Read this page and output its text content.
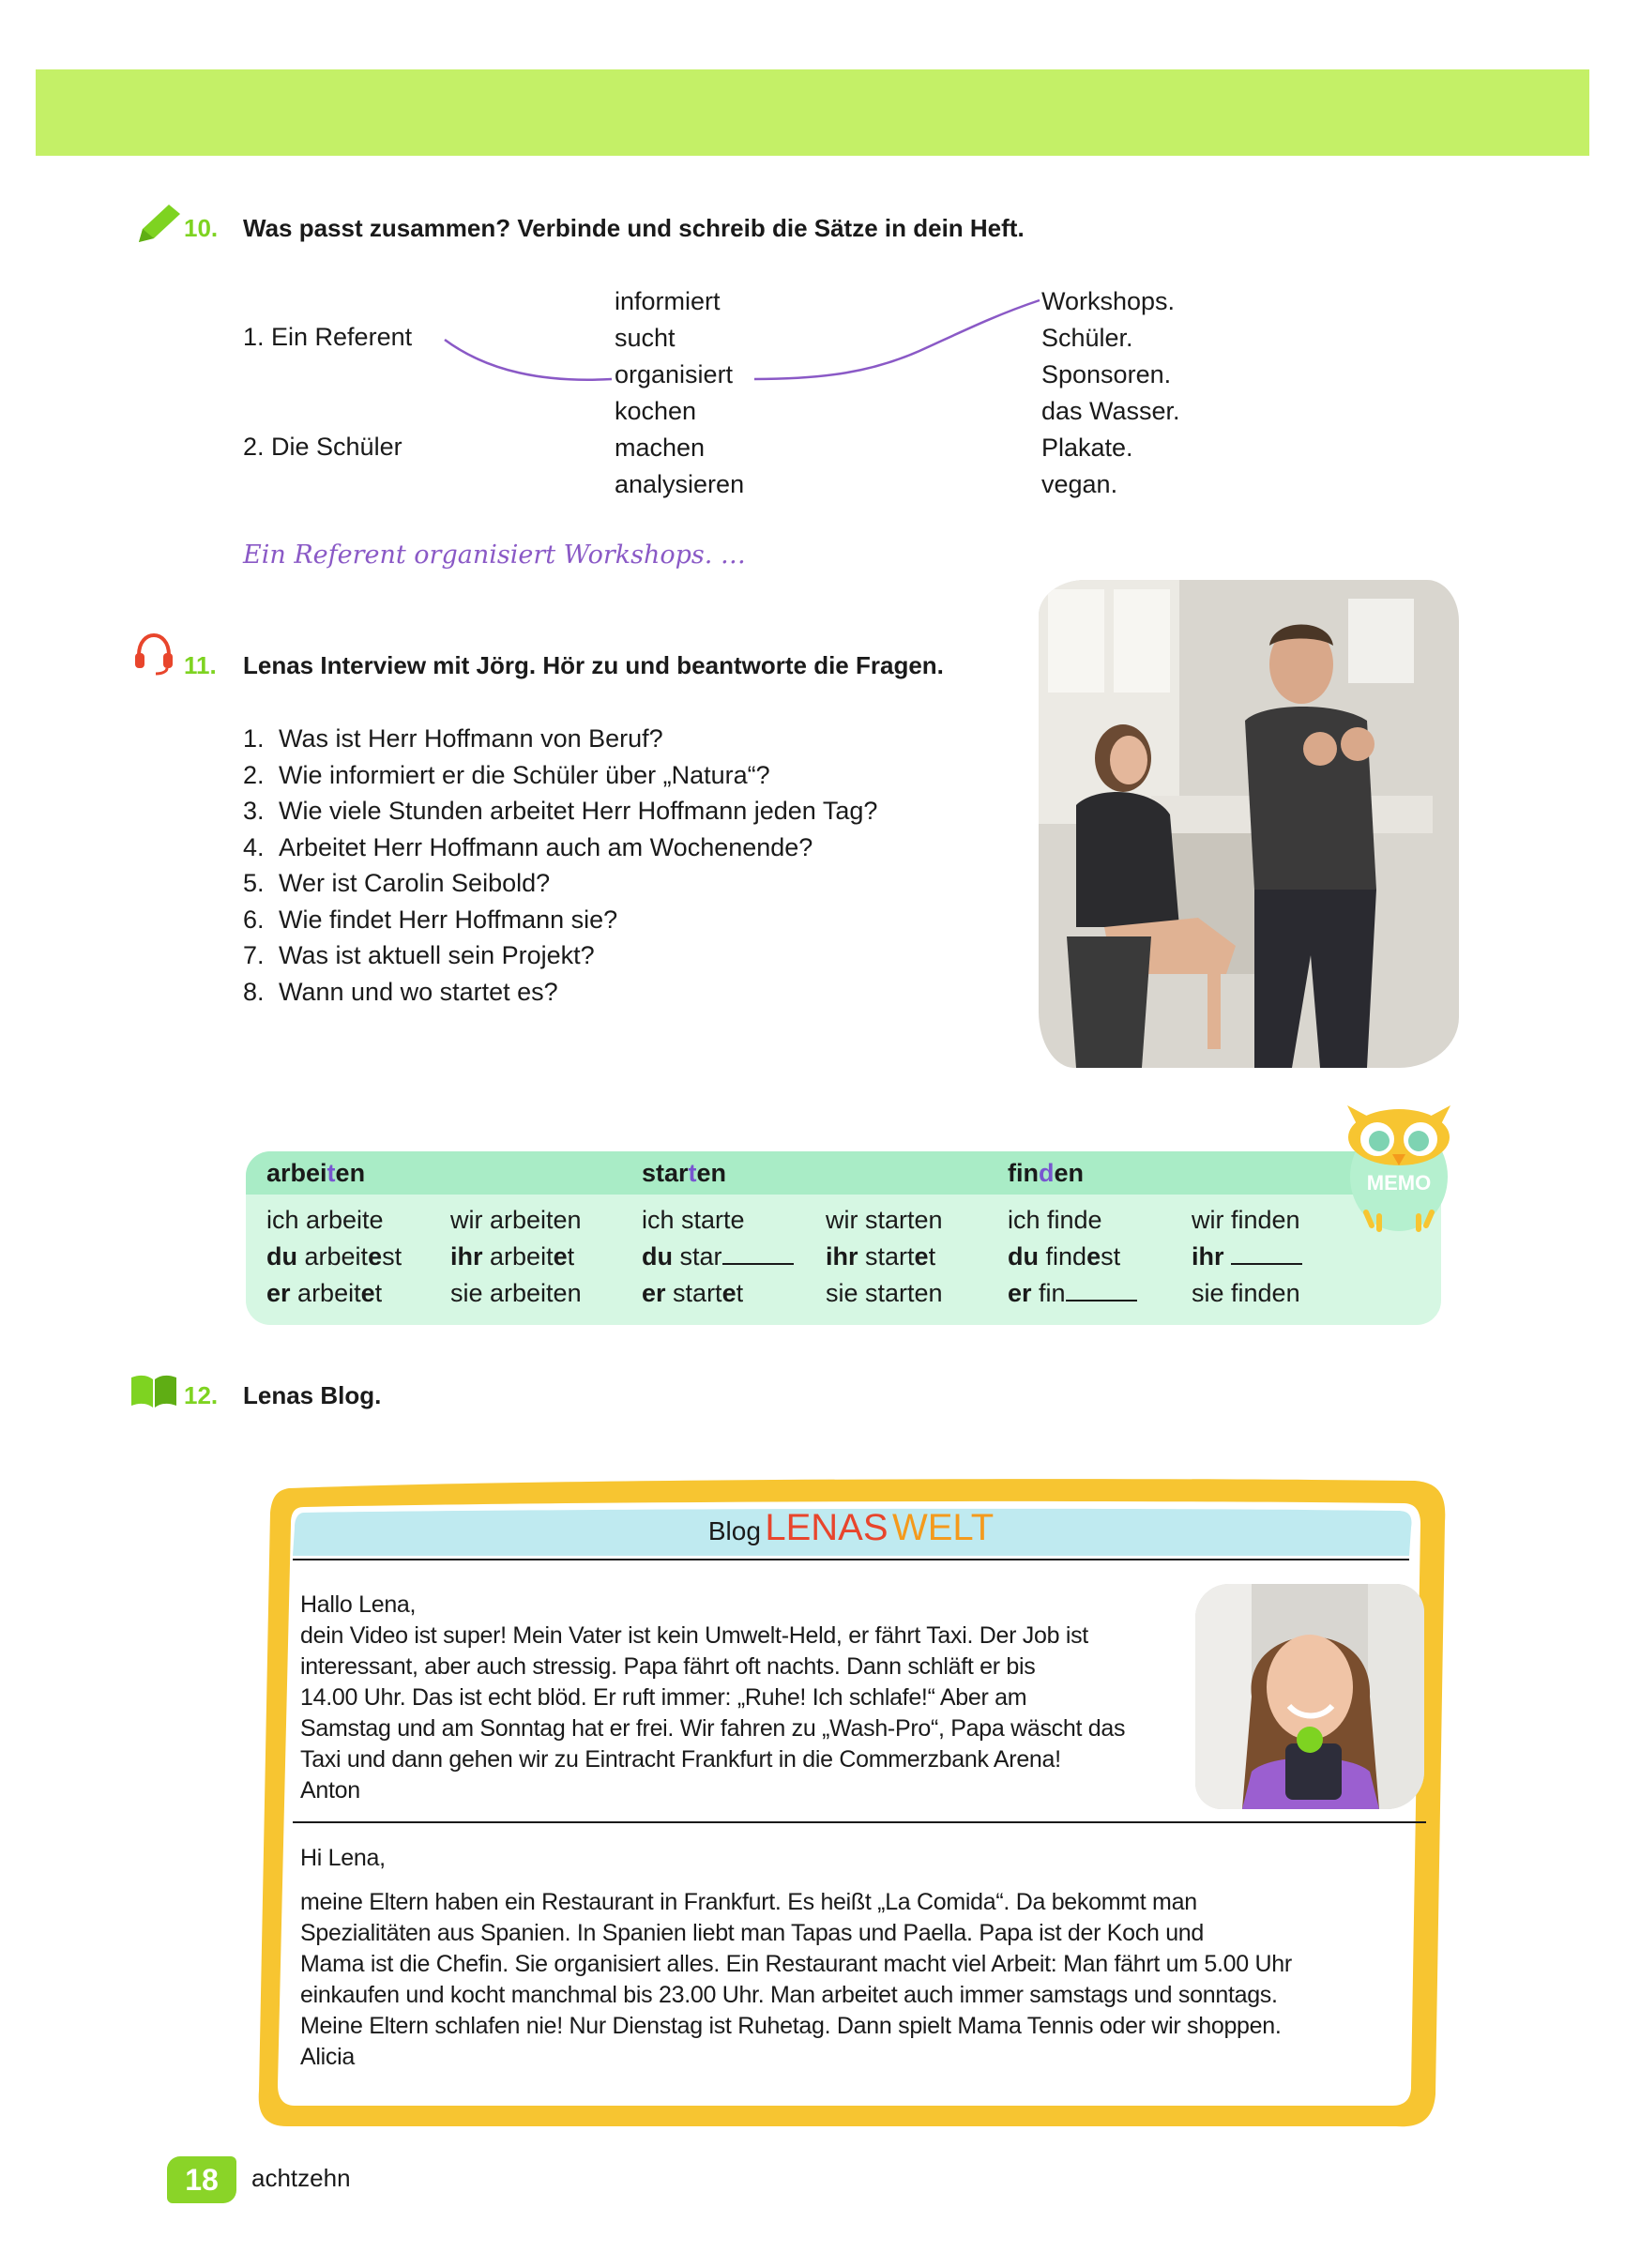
10. Was passt zusammen? Verbinde und schreib die Sätze in dein Heft.
1. Ein Referent
2. Die Schüler
informiert
sucht
organisiert
kochen
machen
analysieren
Workshops.
Schüler.
Sponsoren.
das Wasser.
Plakate.
vegan.
Ein Referent organisiert Workshops. …
11. Lenas Interview mit Jörg. Hör zu und beantworte die Fragen.
1. Was ist Herr Hoffmann von Beruf?
2. Wie informiert er die Schüler über „Natura“?
3. Wie viele Stunden arbeitet Herr Hoffmann jeden Tag?
4. Arbeitet Herr Hoffmann auch am Wochenende?
5. Wer ist Carolin Seibold?
6. Wie findet Herr Hoffmann sie?
7. Was ist aktuell sein Projekt?
8. Wann und wo startet es?
arbeiten
ich arbeite
du arbeitest
er arbeitet
wir arbeiten
ihr arbeitet
sie arbeiten
starten
ich starte
du star
er startet
wir starten
ihr startet
sie starten
finden
ich finde
du findest
er fin
wir finden
ihr
sie finden
MEMO
12. Lenas Blog.
Blog LENAS WELT
Hallo Lena,
dein Video ist super! Mein Vater ist kein Umwelt-Held, er fährt Taxi. Der Job ist
interessant, aber auch stressig. Papa fährt oft nachts. Dann schläft er bis
14.00 Uhr. Das ist echt blöd. Er ruft immer: „Ruhe! Ich schlafe!“ Aber am
Samstag und am Sonntag hat er frei. Wir fahren zu „Wash-Pro“, Papa wäscht das
Taxi und dann gehen wir zu Eintracht Frankfurt in die Commerzbank Arena!
Anton
Hi Lena,
meine Eltern haben ein Restaurant in Frankfurt. Es heißt „La Comida“. Da bekommt man
Spezialitäten aus Spanien. In Spanien liebt man Tapas und Paella. Papa ist der Koch und
Mama ist die Chefin. Sie organisiert alles. Ein Restaurant macht viel Arbeit: Man fährt um 5.00 Uhr
einkaufen und kocht manchmal bis 23.00 Uhr. Man arbeitet auch immer samstags und sonntags.
Meine Eltern schlafen nie! Nur Dienstag ist Ruhetag. Dann spielt Mama Tennis oder wir shoppen.
Alicia
18	achtzehn
